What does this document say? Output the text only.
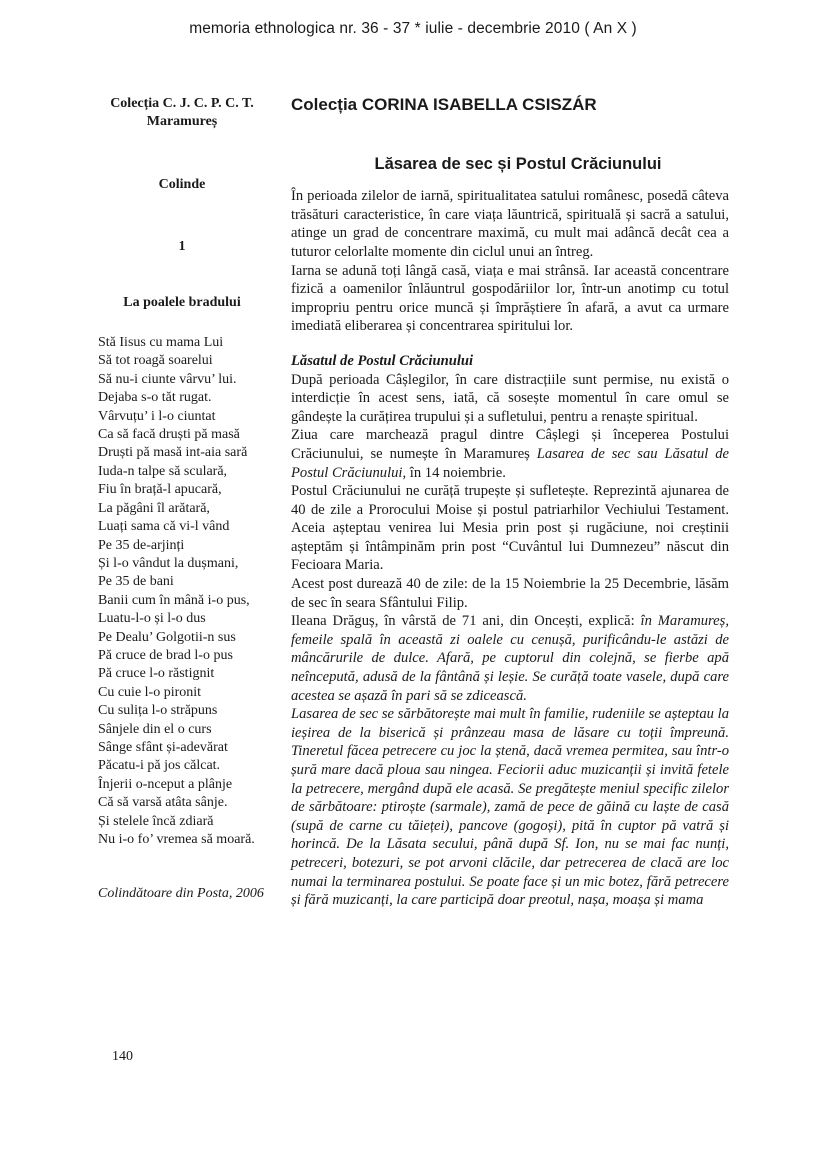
memoria ethnologica nr. 36 - 37 * iulie - decembrie 2010 ( An X )
Colecția C. J. C. P. C. T. Maramureș
Colinde
1
La poalele bradului
Stă Iisus cu mama Lui
Să tot roagă soarelui
Să nu-i ciunte vârvu’ lui.
Dejaba s-o tăt rugat.
Vârvuțu’ i l-o ciuntat
Ca să facă druști pă masă
Druști pă masă int-aia sară
Iuda-n talpe să sculară,
Fiu în brață-l apucară,
La păgâni îl arătară,
Luați sama că vi-l vând
Pe 35 de-arjinți
Și l-o vândut la dușmani,
Pe 35 de bani
Banii cum în mână i-o pus,
Luatu-l-o și l-o dus
Pe Dealu’ Golgotii-n sus
Pă cruce de brad l-o pus
Pă cruce l-o răstignit
Cu cuie l-o pironit
Cu sulița l-o străpuns
Sânjele din el o curs
Sânge sfânt și-adevărat
Păcatu-i pă jos călcat.
Înjerii o-nceput a plânje
Că să varsă atâta sânje.
Și stelele încă zdiară
Nu i-o fo’ vremea să moară.
Colindătoare din Posta, 2006
140
Colecția CORINA ISABELLA CSISZÁR
Lăsarea de sec și Postul Crăciunului

În perioada zilelor de iarnă, spiritualitatea satului românesc, posedă câteva trăsături caracteristice, în care viața lăuntrică, spirituală și sacră a satului, atinge un grad de concentrare maximă, cu mult mai adâncă decât cea a tuturor celorlalte momente din ciclul unui an întreg.

Iarna se adună toți lângă casă, viața e mai strânsă. Iar această concentrare fizică a oamenilor înlăuntrul gospodăriilor lor, într-un anotimp cu totul impropriu pentru orice muncă și împrăștiere în afară, a avut ca urmare imediată eliberarea și concentrarea spiritului lor.

Lăsatul de Postul Crăciunului

După perioada Câșlegilor, în care distracțiile sunt permise, nu există o interdicție în acest sens, iată, că sosește momentul în care omul se gândește la curățirea trupului și a sufletului, pentru a renaște spiritual.

Ziua care marchează pragul dintre Câșlegi și începerea Postului Crăciunului, se numește în Maramureș Lasarea de sec sau Lăsatul de Postul Crăciunului, în 14 noiembrie.

Postul Crăciunului ne curăță trupește și sufletește. Reprezintă ajunarea de 40 de zile a Prorocului Moise și postul patriarhilor Vechiului Testament. Aceia așteptau venirea lui Mesia prin post și rugăciune, noi creștinii așteptăm și întâmpinăm prin post “Cuvântul lui Dumnezeu” născut din Fecioara Maria.

Acest post durează 40 de zile: de la 15 Noiembrie la 25 Decembrie, lăsăm de sec în seara Sfântului Filip.

Ileana Drăguș, în vârstă de 71 ani, din Oncești, explică: în Maramureș, femeile spală în această zi oalele cu cenușă, purificându-le astăzi de mâncărurile de dulce. Afară, pe cuptorul din colejnă, se fierbe apă neîncepută, adusă de la fântână și leșie. Se curăță toate vasele, după care acestea se așază în pari să se zdicească.

Lasarea de sec se sărbătorește mai mult în familie, rudeniile se așteptau la ieșirea de la biserică și prânzeau masa de lăsare cu toții împreună. Tineretul făcea petrecere cu joc la ștenă, dacă vremea permitea, sau într-o șură mare dacă ploua sau ningea. Feciorii aduc muzicanții și invită fetele la petrecere, mergând după ele acasă. Se pregătește meniul specific zilelor de sărbătoare: ptiroște (sarmale), zamă de pece de găină cu laște de casă (supă de carne cu tăieței), pancove (gogoși), pită în cuptor pă vatră și horincă. De la Lăsata secului, până după Sf. Ion, nu se mai fac nunți, petreceri, botezuri, se pot arvoni clăcile, dar petrecerea de clacă are loc numai la terminarea postului. Se poate face și un mic botez, fără petrecere și fără muzicanți, la care participă doar preotul, nașa, moașa și mama
